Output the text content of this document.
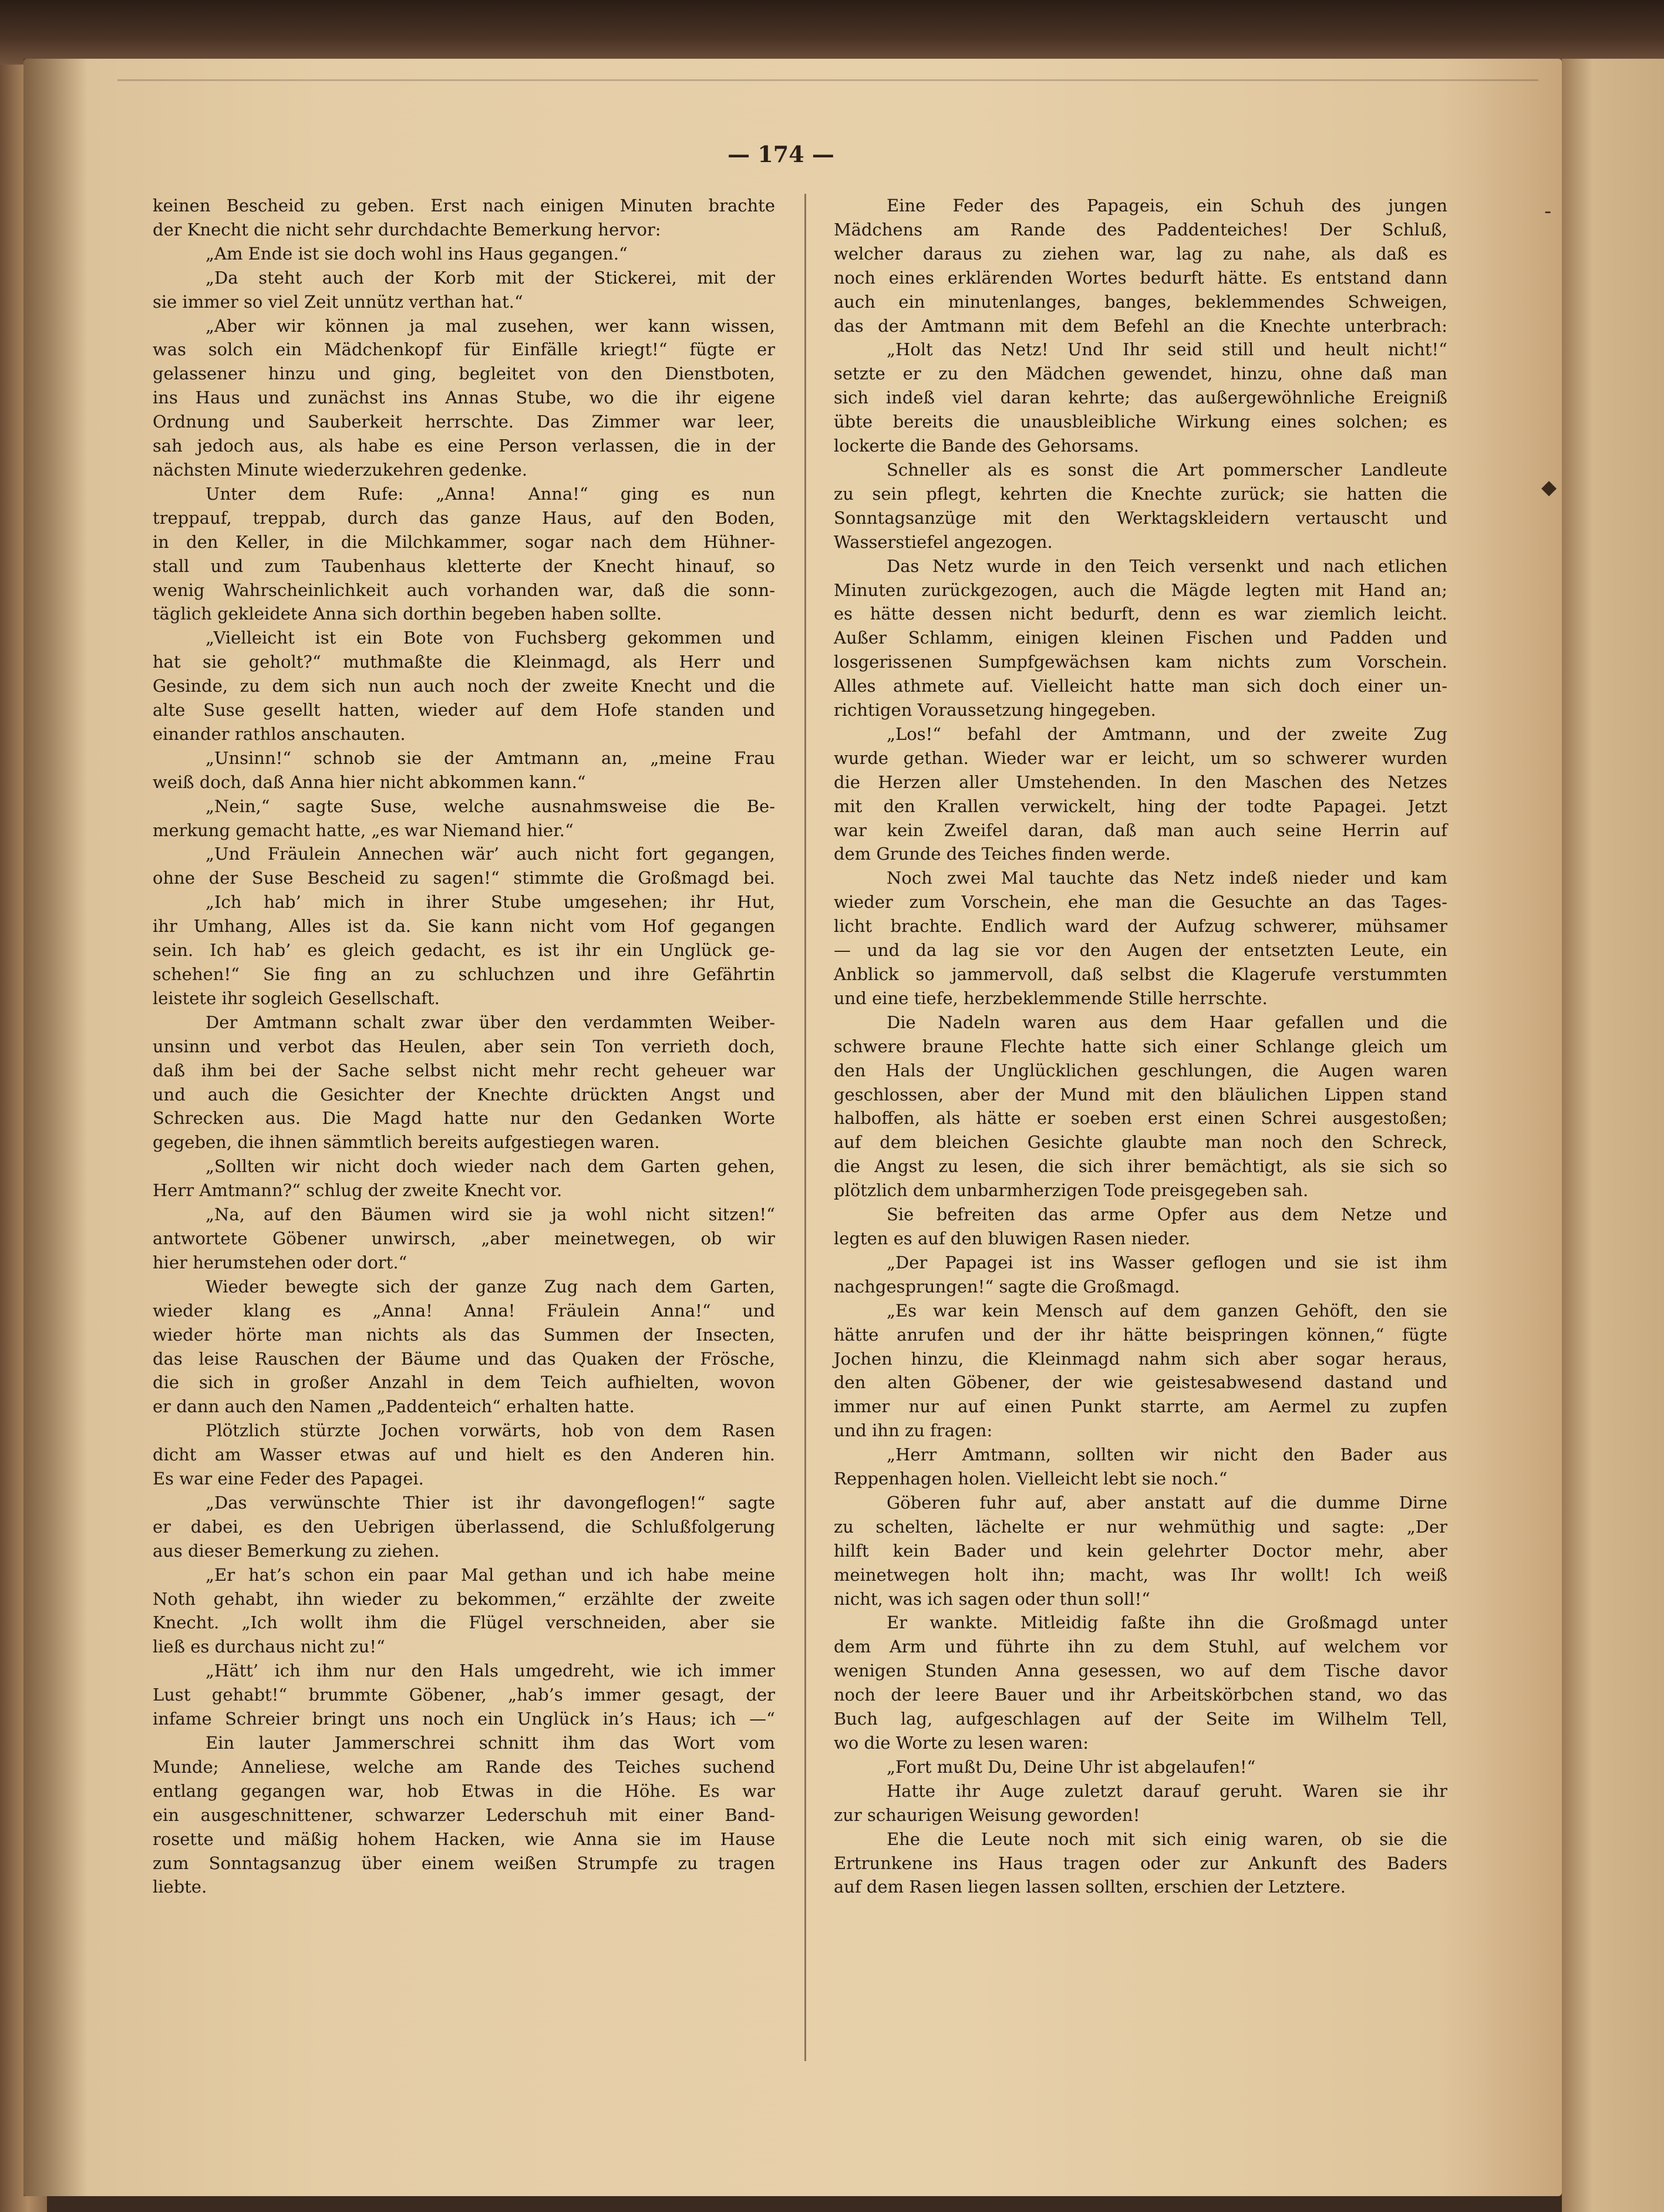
— 174 —

keinen Bescheid zu geben. Erst nach einigen Minuten brachte

der Knecht die nicht sehr durchdachte Bemerkung hervor:

„Am Ende ist sie doch wohl ins Haus gegangen.“

„Da steht auch der Korb mit der Stickerei, mit der

sie immer so viel Zeit unnütz verthan hat.“

„Aber wir können ja mal zusehen, wer kann wissen,

was solch ein Mädchenkopf für Einfälle kriegt!“ fügte er

gelassener hinzu und ging, begleitet von den Dienstboten,

ins Haus und zunächst ins Annas Stube, wo die ihr eigene

Ordnung und Sauberkeit herrschte. Das Zimmer war leer,

sah jedoch aus, als habe es eine Person verlassen, die in der

nächsten Minute wiederzukehren gedenke.

Unter dem Rufe: „Anna! Anna!“ ging es nun

treppauf, treppab, durch das ganze Haus, auf den Boden,

in den Keller, in die Milchkammer, sogar nach dem Hühner-

stall und zum Taubenhaus kletterte der Knecht hinauf, so

wenig Wahrscheinlichkeit auch vorhanden war, daß die sonn-

täglich gekleidete Anna sich dorthin begeben haben sollte.

„Vielleicht ist ein Bote von Fuchsberg gekommen und

hat sie geholt?“ muthmaßte die Kleinmagd, als Herr und

Gesinde, zu dem sich nun auch noch der zweite Knecht und die

alte Suse gesellt hatten, wieder auf dem Hofe standen und

einander rathlos anschauten.

„Unsinn!“ schnob sie der Amtmann an, „meine Frau

weiß doch, daß Anna hier nicht abkommen kann.“

„Nein,“ sagte Suse, welche ausnahmsweise die Be-

merkung gemacht hatte, „es war Niemand hier.“

„Und Fräulein Annechen wär’ auch nicht fort gegangen,

ohne der Suse Bescheid zu sagen!“ stimmte die Großmagd bei.

„Ich hab’ mich in ihrer Stube umgesehen; ihr Hut,

ihr Umhang, Alles ist da. Sie kann nicht vom Hof gegangen

sein. Ich hab’ es gleich gedacht, es ist ihr ein Unglück ge-

schehen!“ Sie fing an zu schluchzen und ihre Gefährtin

leistete ihr sogleich Gesellschaft.

Der Amtmann schalt zwar über den verdammten Weiber-

unsinn und verbot das Heulen, aber sein Ton verrieth doch,

daß ihm bei der Sache selbst nicht mehr recht geheuer war

und auch die Gesichter der Knechte drückten Angst und

Schrecken aus. Die Magd hatte nur den Gedanken Worte

gegeben, die ihnen sämmtlich bereits aufgestiegen waren.

„Sollten wir nicht doch wieder nach dem Garten gehen,

Herr Amtmann?“ schlug der zweite Knecht vor.

„Na, auf den Bäumen wird sie ja wohl nicht sitzen!“

antwortete Göbener unwirsch, „aber meinetwegen, ob wir

hier herumstehen oder dort.“

Wieder bewegte sich der ganze Zug nach dem Garten,

wieder klang es „Anna! Anna! Fräulein Anna!“ und

wieder hörte man nichts als das Summen der Insecten,

das leise Rauschen der Bäume und das Quaken der Frösche,

die sich in großer Anzahl in dem Teich aufhielten, wovon

er dann auch den Namen „Paddenteich“ erhalten hatte.

Plötzlich stürzte Jochen vorwärts, hob von dem Rasen

dicht am Wasser etwas auf und hielt es den Anderen hin.

Es war eine Feder des Papagei.

„Das verwünschte Thier ist ihr davongeflogen!“ sagte

er dabei, es den Uebrigen überlassend, die Schlußfolgerung

aus dieser Bemerkung zu ziehen.

„Er hat’s schon ein paar Mal gethan und ich habe meine

Noth gehabt, ihn wieder zu bekommen,“ erzählte der zweite

Knecht. „Ich wollt ihm die Flügel verschneiden, aber sie

ließ es durchaus nicht zu!“

„Hätt’ ich ihm nur den Hals umgedreht, wie ich immer

Lust gehabt!“ brummte Göbener, „hab’s immer gesagt, der

infame Schreier bringt uns noch ein Unglück in’s Haus; ich —“

Ein lauter Jammerschrei schnitt ihm das Wort vom

Munde; Anneliese, welche am Rande des Teiches suchend

entlang gegangen war, hob Etwas in die Höhe. Es war

ein ausgeschnittener, schwarzer Lederschuh mit einer Band-

rosette und mäßig hohem Hacken, wie Anna sie im Hause

zum Sonntagsanzug über einem weißen Strumpfe zu tragen

liebte.

Eine Feder des Papageis, ein Schuh des jungen

Mädchens am Rande des Paddenteiches! Der Schluß,

welcher daraus zu ziehen war, lag zu nahe, als daß es

noch eines erklärenden Wortes bedurft hätte. Es entstand dann

auch ein minutenlanges, banges, beklemmendes Schweigen,

das der Amtmann mit dem Befehl an die Knechte unterbrach:

„Holt das Netz! Und Ihr seid still und heult nicht!“

setzte er zu den Mädchen gewendet, hinzu, ohne daß man

sich indeß viel daran kehrte; das außergewöhnliche Ereigniß

übte bereits die unausbleibliche Wirkung eines solchen; es

lockerte die Bande des Gehorsams.

Schneller als es sonst die Art pommerscher Landleute

zu sein pflegt, kehrten die Knechte zurück; sie hatten die

Sonntagsanzüge mit den Werktagskleidern vertauscht und

Wasserstiefel angezogen.

Das Netz wurde in den Teich versenkt und nach etlichen

Minuten zurückgezogen, auch die Mägde legten mit Hand an;

es hätte dessen nicht bedurft, denn es war ziemlich leicht.

Außer Schlamm, einigen kleinen Fischen und Padden und

losgerissenen Sumpfgewächsen kam nichts zum Vorschein.

Alles athmete auf. Vielleicht hatte man sich doch einer un-

richtigen Voraussetzung hingegeben.

„Los!“ befahl der Amtmann, und der zweite Zug

wurde gethan. Wieder war er leicht, um so schwerer wurden

die Herzen aller Umstehenden. In den Maschen des Netzes

mit den Krallen verwickelt, hing der todte Papagei. Jetzt

war kein Zweifel daran, daß man auch seine Herrin auf

dem Grunde des Teiches finden werde.

Noch zwei Mal tauchte das Netz indeß nieder und kam

wieder zum Vorschein, ehe man die Gesuchte an das Tages-

licht brachte. Endlich ward der Aufzug schwerer, mühsamer

— und da lag sie vor den Augen der entsetzten Leute, ein

Anblick so jammervoll, daß selbst die Klagerufe verstummten

und eine tiefe, herzbeklemmende Stille herrschte.

Die Nadeln waren aus dem Haar gefallen und die

schwere braune Flechte hatte sich einer Schlange gleich um

den Hals der Unglücklichen geschlungen, die Augen waren

geschlossen, aber der Mund mit den bläulichen Lippen stand

halboffen, als hätte er soeben erst einen Schrei ausgestoßen;

auf dem bleichen Gesichte glaubte man noch den Schreck,

die Angst zu lesen, die sich ihrer bemächtigt, als sie sich so

plötzlich dem unbarmherzigen Tode preisgegeben sah.

Sie befreiten das arme Opfer aus dem Netze und

legten es auf den bluwigen Rasen nieder.

„Der Papagei ist ins Wasser geflogen und sie ist ihm

nachgesprungen!“ sagte die Großmagd.

„Es war kein Mensch auf dem ganzen Gehöft, den sie

hätte anrufen und der ihr hätte beispringen können,“ fügte

Jochen hinzu, die Kleinmagd nahm sich aber sogar heraus,

den alten Göbener, der wie geistesabwesend dastand und

immer nur auf einen Punkt starrte, am Aermel zu zupfen

und ihn zu fragen:

„Herr Amtmann, sollten wir nicht den Bader aus

Reppenhagen holen. Vielleicht lebt sie noch.“

Göberen fuhr auf, aber anstatt auf die dumme Dirne

zu schelten, lächelte er nur wehmüthig und sagte: „Der

hilft kein Bader und kein gelehrter Doctor mehr, aber

meinetwegen holt ihn; macht, was Ihr wollt! Ich weiß

nicht, was ich sagen oder thun soll!“

Er wankte. Mitleidig faßte ihn die Großmagd unter

dem Arm und führte ihn zu dem Stuhl, auf welchem vor

wenigen Stunden Anna gesessen, wo auf dem Tische davor

noch der leere Bauer und ihr Arbeitskörbchen stand, wo das

Buch lag, aufgeschlagen auf der Seite im Wilhelm Tell,

wo die Worte zu lesen waren:

„Fort mußt Du, Deine Uhr ist abgelaufen!“

Hatte ihr Auge zuletzt darauf geruht. Waren sie ihr

zur schaurigen Weisung geworden!

Ehe die Leute noch mit sich einig waren, ob sie die

Ertrunkene ins Haus tragen oder zur Ankunft des Baders

auf dem Rasen liegen lassen sollten, erschien der Letztere.

‐
◆
